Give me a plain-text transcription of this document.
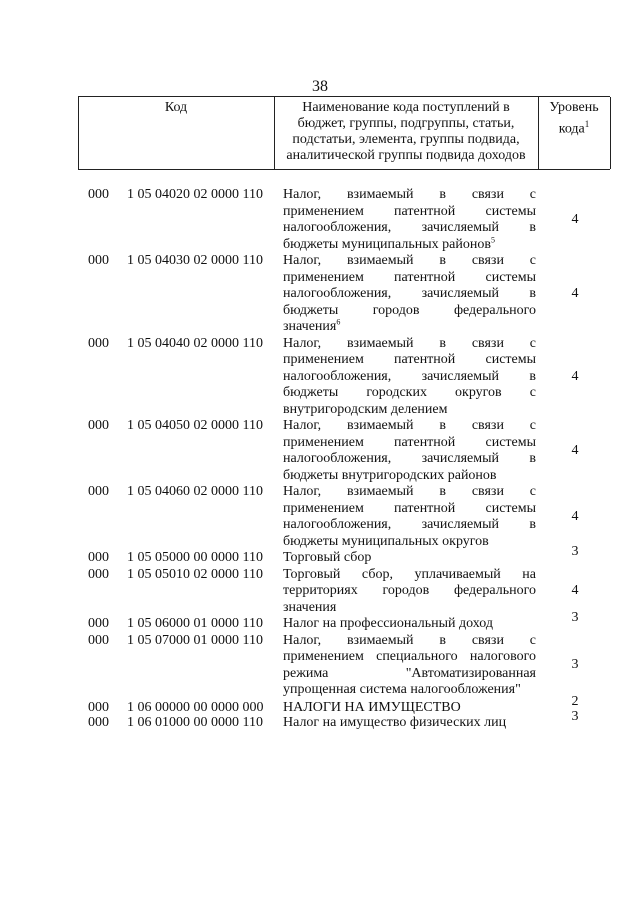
38
Код	Наименование кода поступлений в
бюджет, группы, подгруппы, статьи,
подстатьи, элемента, группы подвида,
аналитической группы подвида доходов
Уровень
кода$^1$
000	1 05 04020 02 0000 110	Налог, взимаемый в связи с
применением патентной системы
налогообложения, зачисляемый в
бюджеты муниципальных районов$^5$
4
000	1 05 04030 02 0000 110	Налог, взимаемый в связи с
применением патентной системы
налогообложения, зачисляемый в
бюджеты городов федерального
значения$^6$
4
000	1 05 04040 02 0000 110	Налог, взимаемый в связи с
применением патентной системы
налогообложения, зачисляемый в
бюджеты городских округов с
внутригородским делением
4
000	1 05 04050 02 0000 110	Налог, взимаемый в связи с
применением патентной системы
налогообложения, зачисляемый в
бюджеты внутригородских районов
4
000	1 05 04060 02 0000 110	Налог, взимаемый в связи с
применением патентной системы
налогообложения, зачисляемый в
бюджеты муниципальных округов
4
000	1 05 05000 00 0000 110	Торговый сбор	3
000	1 05 05010 02 0000 110	Торговый сбор, уплачиваемый на
территориях городов федерального
значения
4
000	1 05 06000 01 0000 110	Налог на профессиональный доход	3
000	1 05 07000 01 0000 110	Налог, взимаемый в связи с
применением специального налогового
режима "Автоматизированная
упрощенная система налогообложения"
3
000	1 06 00000 00 0000 000	НАЛОГИ НА ИМУЩЕСТВО	2
000	1 06 01000 00 0000 110	Налог на имущество физических лиц	3
